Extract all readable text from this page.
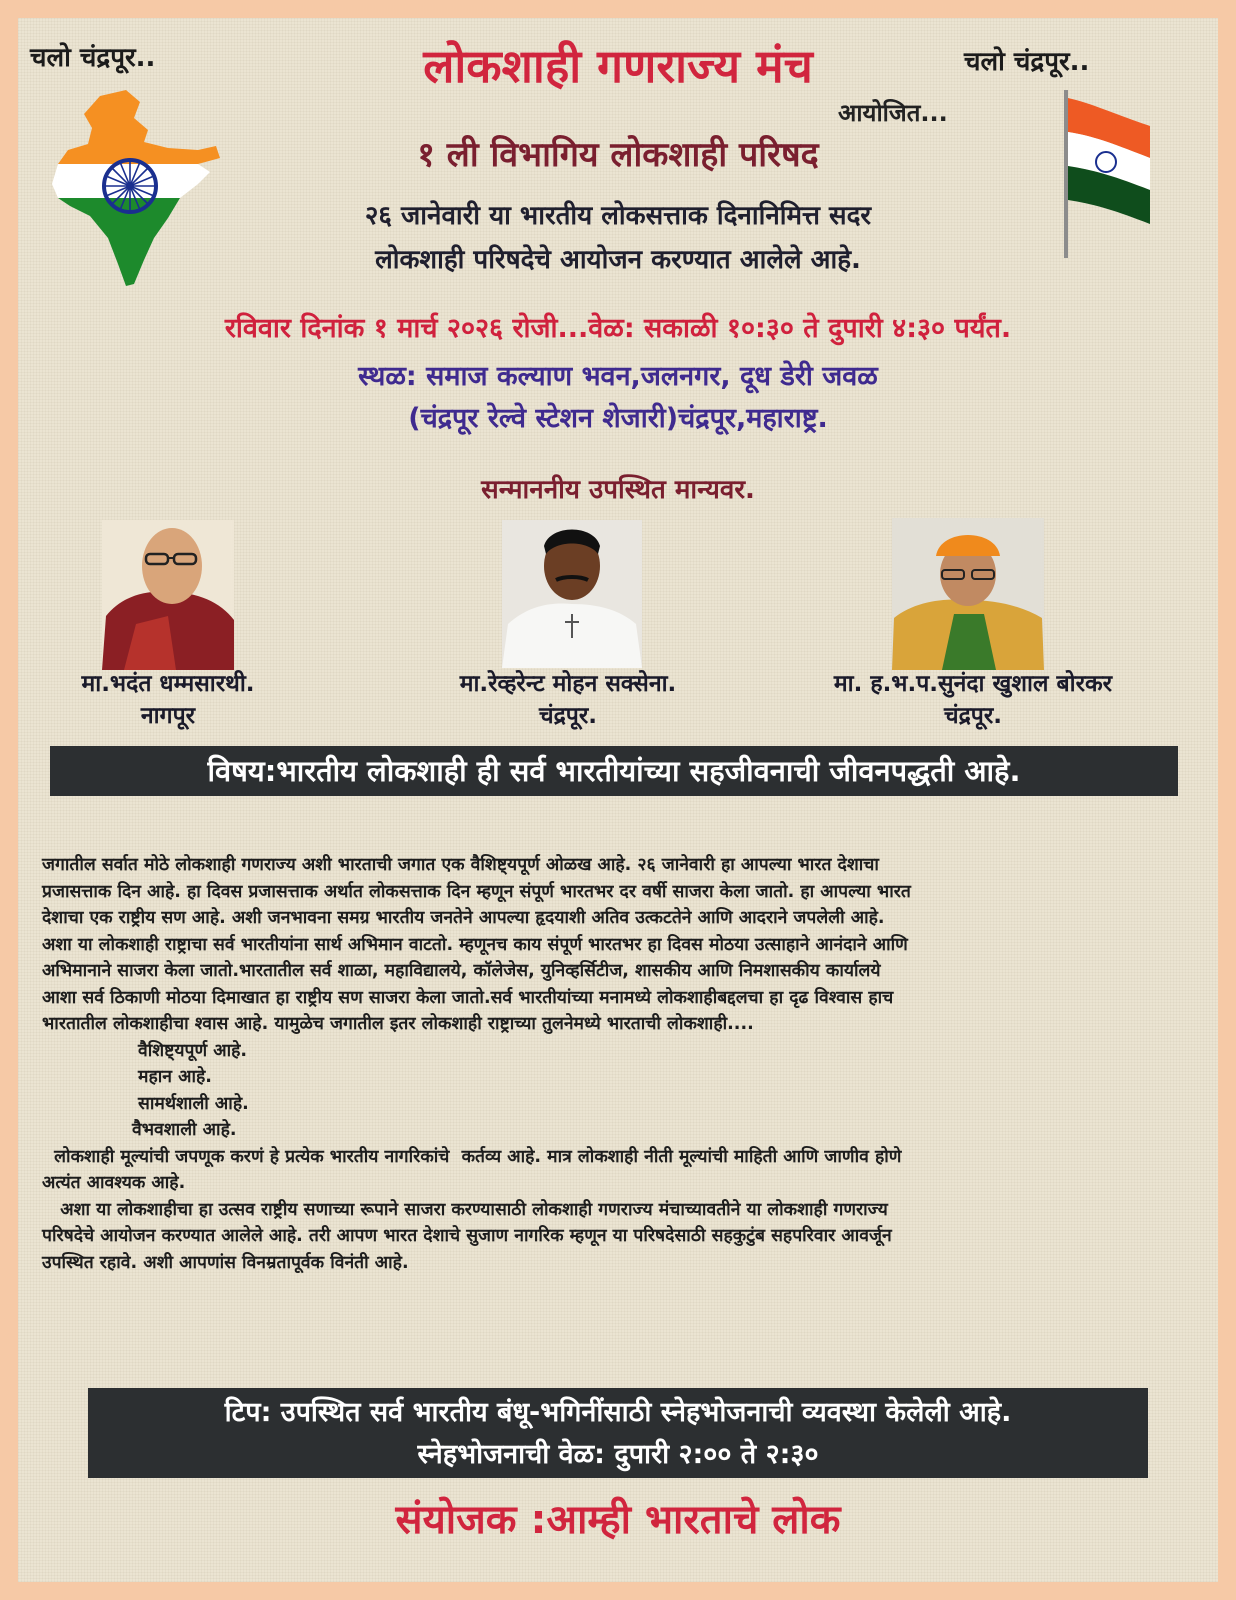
चलो चंद्रपूर..	चलो चंद्रपूर..
लोकशाही गणराज्य मंच
आयोजित...
१ ली विभागिय लोकशाही परिषद
२६ जानेवारी या भारतीय लोकसत्ताक दिनानिमित्त सदर
लोकशाही परिषदेचे आयोजन करण्यात आलेले आहे.
रविवार दिनांक १ मार्च २०२६ रोजी...वेळ: सकाळी १०:३० ते दुपारी ४:३० पर्यंत.
स्थळ: समाज कल्याण भवन,जलनगर, दूध डेरी जवळ
(चंद्रपूर रेल्वे स्टेशन शेजारी)चंद्रपूर,महाराष्ट्र.
सन्माननीय उपस्थित मान्यवर.
मा.भदंत धम्मसारथी.
नागपूर
मा.रेव्हरेन्ट मोहन सक्सेना.
चंद्रपूर.
मा. ह.भ.प.सुनंदा खुशाल बोरकर
चंद्रपूर.
विषय:भारतीय लोकशाही ही सर्व भारतीयांच्या सहजीवनाची जीवनपद्धती आहे.

जगातील सर्वात मोठे लोकशाही गणराज्य अशी भारताची जगात एक वैशिष्ट्यपूर्ण ओळख आहे. २६ जानेवारी हा आपल्या भारत देशाचा

प्रजासत्ताक दिन आहे. हा दिवस प्रजासत्ताक अर्थात लोकसत्ताक दिन म्हणून संपूर्ण भारतभर दर वर्षी साजरा केला जातो. हा आपल्या भारत

देशाचा एक राष्ट्रीय सण आहे. अशी जनभावना समग्र भारतीय जनतेने आपल्या हृदयाशी अतिव उत्कटतेने आणि आदराने जपलेली आहे.

अशा या लोकशाही राष्ट्राचा सर्व भारतीयांना सार्थ अभिमान वाटतो. म्हणूनच काय संपूर्ण भारतभर हा दिवस मोठया उत्साहाने आनंदाने आणि

अभिमानाने साजरा केला जातो.भारतातील सर्व शाळा, महाविद्यालये, कॉलेजेस, युनिव्हर्सिटीज, शासकीय आणि निमशासकीय कार्यालये

आशा सर्व ठिकाणी मोठया दिमाखात हा राष्ट्रीय सण साजरा केला जातो.सर्व भारतीयांच्या मनामध्ये लोकशाहीबद्दलचा हा दृढ विश्वास हाच

भारतातील लोकशाहीचा श्वास आहे. यामुळेच जगातील इतर लोकशाही राष्ट्राच्या तुलनेमध्ये भारताची लोकशाही....

वैशिष्ट्यपूर्ण आहे.

महान आहे.

सामर्थशाली आहे.

वैभवशाली आहे.

लोकशाही मूल्यांची जपणूक करणं हे प्रत्येक भारतीय नागरिकांचे  कर्तव्य आहे. मात्र लोकशाही नीती मूल्यांची माहिती आणि जाणीव होणे

अत्यंत आवश्यक आहे.

अशा या लोकशाहीचा हा उत्सव राष्ट्रीय सणाच्या रूपाने साजरा करण्यासाठी लोकशाही गणराज्य मंचाच्यावतीने या लोकशाही गणराज्य

परिषदेचे आयोजन करण्यात आलेले आहे. तरी आपण भारत देशाचे सुजाण नागरिक म्हणून या परिषदेसाठी सहकुटुंब सहपरिवार आवर्जून

उपस्थित रहावे. अशी आपणांस विनम्रतापूर्वक विनंती आहे.

टिप: उपस्थित सर्व भारतीय बंधू-भगिनींसाठी स्नेहभोजनाची व्यवस्था केलेली आहे.
स्नेहभोजनाची वेळ: दुपारी २:०० ते २:३०
संयोजक :आम्ही भारताचे लोक
